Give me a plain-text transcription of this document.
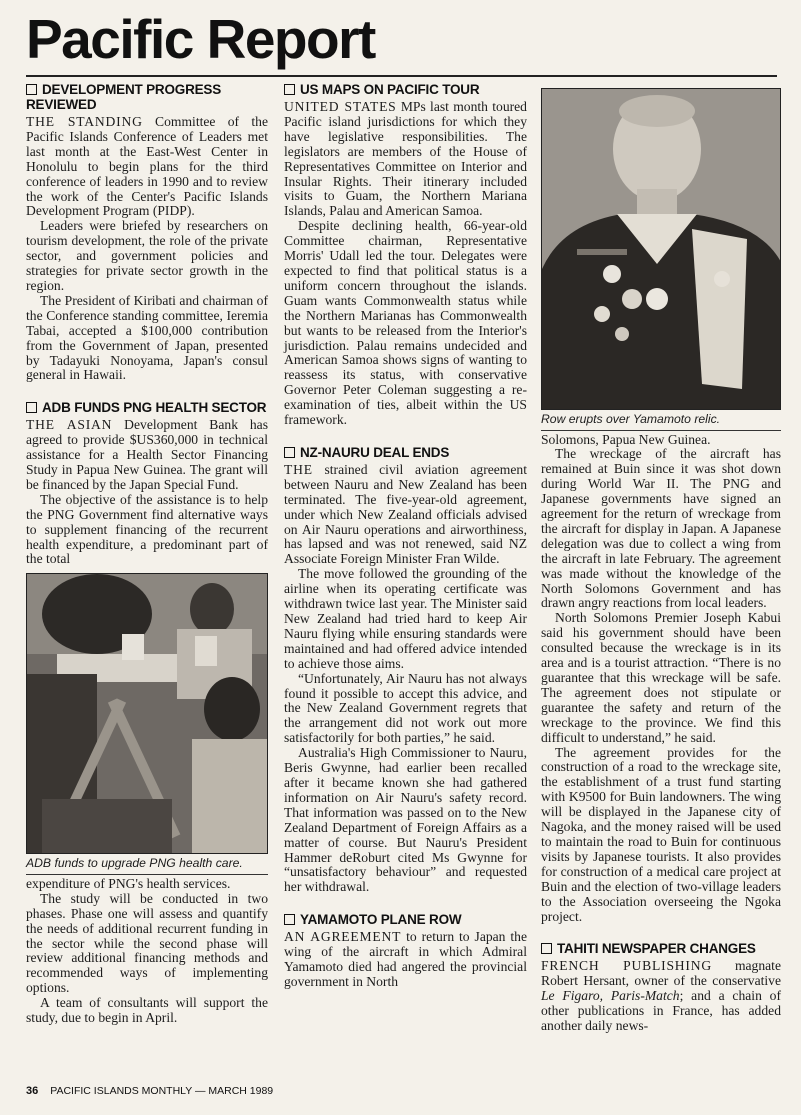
Pacific Report
DEVELOPMENT PROGRESS REVIEWED

THE STANDING Committee of the Pacific Islands Conference of Leaders met last month at the East-West Center in Honolulu to begin plans for the third conference of leaders in 1990 and to review the work of the Center's Pacific Islands Development Program (PIDP).

Leaders were briefed by researchers on tourism development, the role of the private sector, and government policies and strategies for private sector growth in the region.

The President of Kiribati and chairman of the Conference standing committee, Ieremia Tabai, accepted a $100,000 contribution from the Government of Japan, presented by Tadayuki Nonoyama, Japan's consul general in Hawaii.

ADB FUNDS PNG HEALTH SECTOR

THE ASIAN Development Bank has agreed to provide $US360,000 in technical assistance for a Health Sector Financing Study in Papua New Guinea. The grant will be financed by the Japan Special Fund.

The objective of the assistance is to help the PNG Government find alternative ways to supplement financing of the recurrent health expenditure, a predominant part of the total

ADB funds to upgrade PNG health care.

expenditure of PNG's health services.

The study will be conducted in two phases. Phase one will assess and quantify the needs of additional recurrent funding in the sector while the second phase will review additional financing methods and recommended ways of implementing options.

A team of consultants will support the study, due to begin in April.

US MAPS ON PACIFIC TOUR

UNITED STATES MPs last month toured Pacific island jurisdictions for which they have legislative responsibilities. The legislators are members of the House of Representatives Committee on Interior and Insular Rights. Their itinerary included visits to Guam, the Northern Mariana Islands, Palau and American Samoa.

Despite declining health, 66-year-old Committee chairman, Representative Morris' Udall led the tour. Delegates were expected to find that political status is a uniform concern throughout the islands. Guam wants Commonwealth status while the Northern Marianas has Commonwealth but wants to be released from the Interior's jurisdiction. Palau remains undecided and American Samoa shows signs of wanting to reassess its status, with conservative Governor Peter Coleman suggesting a re-examination of ties, albeit within the US framework.

NZ-NAURU DEAL ENDS

THE strained civil aviation agreement between Nauru and New Zealand has been terminated. The five-year-old agreement, under which New Zealand officials advised on Air Nauru operations and airworthiness, has lapsed and was not renewed, said NZ Associate Foreign Minister Fran Wilde.

The move followed the grounding of the airline when its operating certificate was withdrawn twice last year. The Minister said New Zealand had tried hard to keep Air Nauru flying while ensuring standards were maintained and had offered advice intended to achieve those aims.

“Unfortunately, Air Nauru has not always found it possible to accept this advice, and the New Zealand Government regrets that the arrangement did not work out more satisfactorily for both parties,” he said.

Australia's High Commissioner to Nauru, Beris Gwynne, had earlier been recalled after it became known she had gathered information on Air Nauru's safety record. That information was passed on to the New Zealand Department of Foreign Affairs as a matter of course. But Nauru's President Hammer deRoburt cited Ms Gwynne for “unsatisfactory behaviour” and requested her withdrawal.

YAMAMOTO PLANE ROW

AN AGREEMENT to return to Japan the wing of the aircraft in which Admiral Yamamoto died had angered the provincial government in North

Row erupts over Yamamoto relic.

Solomons, Papua New Guinea.

The wreckage of the aircraft has remained at Buin since it was shot down during World War II. The PNG and Japanese governments have signed an agreement for the return of wreckage from the aircraft for display in Japan. A Japanese delegation was due to collect a wing from the aircraft in late February. The agreement was made without the knowledge of the North Solomons Government and has drawn angry reactions from local leaders.

North Solomons Premier Joseph Kabui said his government should have been consulted because the wreckage is in its area and is a tourist attraction. “There is no guarantee that this wreckage will be safe. The agreement does not stipulate or guarantee the safety and return of the wreckage to the province. We find this difficult to understand,” he said.

The agreement provides for the construction of a road to the wreckage site, the establishment of a trust fund starting with K9500 for Buin landowners. The wing will be displayed in the Japanese city of Nagoka, and the money raised will be used to maintain the road to Buin for continuous visits by Japanese tourists. It also provides for construction of a medical care project at Buin and the election of two-village leaders to the Association overseeing the Ngoka project.

TAHITI NEWSPAPER CHANGES

FRENCH PUBLISHING magnate Robert Hersant, owner of the conservative Le Figaro, Paris-Match; and a chain of other publications in France, has added another daily news-

36 PACIFIC ISLANDS MONTHLY — MARCH 1989
